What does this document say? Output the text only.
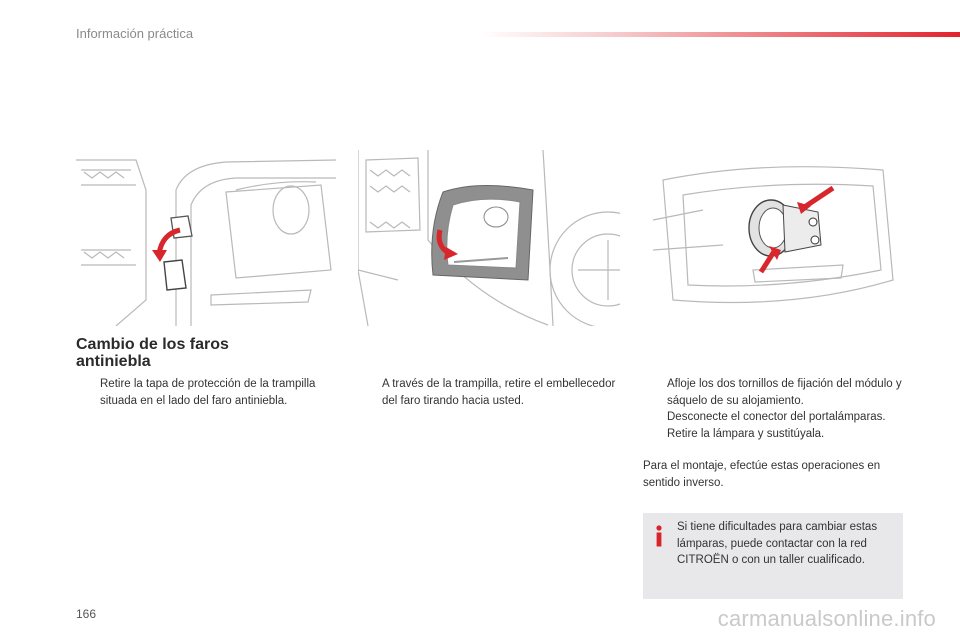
Información práctica
Cambio de los faros
antiniebla

Retire la tapa de protección de la trampilla situada en el lado del faro antiniebla.

A través de la trampilla, retire el embellecedor del faro tirando hacia usted.

Afloje los dos tornillos de fijación del módulo y sáquelo de su alojamiento.

Desconecte el conector del portalámparas.

Retire la lámpara y sustitúyala.

Para el montaje, efectúe estas operaciones en sentido inverso.
Si tiene dificultades para cambiar estas lámparas, puede contactar con la red CITROËN o con un taller cualificado.
166	carmanualsonline.info
